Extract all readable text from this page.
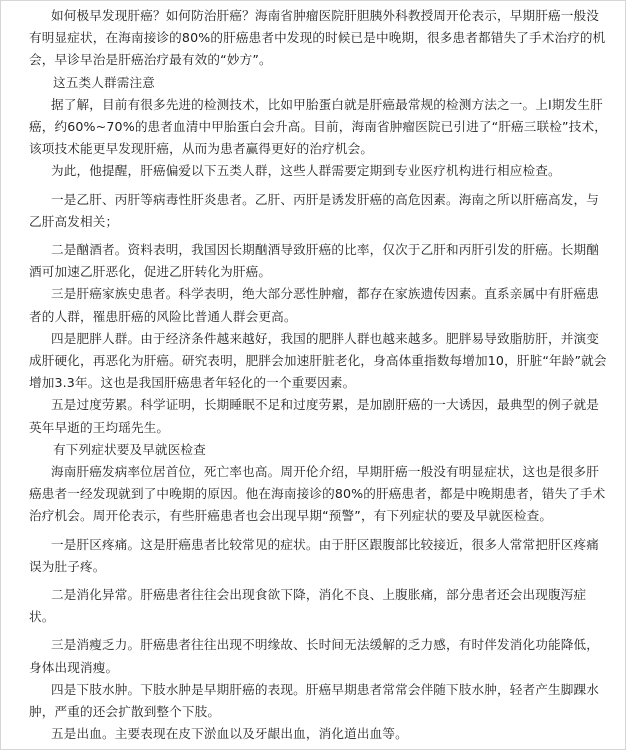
如何极早发现肝癌？如何防治肝癌？海南省肿瘤医院肝胆胰外科教授周开伦表示，早期肝癌一般没有明显症状，在海南接诊的80%的肝癌患者中发现的时候已是中晚期，很多患者都错失了手术治疗的机会，早诊早治是肝癌治疗最有效的“妙方”。

这五类人群需注意

据了解，目前有很多先进的检测技术，比如甲胎蛋白就是肝癌最常规的检测方法之一。上Ⅰ期发生肝癌，约60%~70%的患者血清中甲胎蛋白会升高。目前，海南省肿瘤医院已引进了“肝癌三联检”技术，该项技术能更早发现肝癌，从而为患者赢得更好的治疗机会。

为此，他提醒，肝癌偏爱以下五类人群，这些人群需要定期到专业医疗机构进行相应检查。

一是乙肝、丙肝等病毒性肝炎患者。乙肝、丙肝是诱发肝癌的高危因素。海南之所以肝癌高发，与乙肝高发相关；

二是酗酒者。资料表明，我国因长期酗酒导致肝癌的比率，仅次于乙肝和丙肝引发的肝癌。长期酗酒可加速乙肝恶化，促进乙肝转化为肝癌。

三是肝癌家族史患者。科学表明，绝大部分恶性肿瘤，都存在家族遗传因素。直系亲属中有肝癌患者的人群，罹患肝癌的风险比普通人群会更高。

四是肥胖人群。由于经济条件越来越好，我国的肥胖人群也越来越多。肥胖易导致脂肪肝，并演变成肝硬化，再恶化为肝癌。研究表明，肥胖会加速肝脏老化，身高体重指数每增加10，肝脏“年龄”就会增加3.3年。这也是我国肝癌患者年轻化的一个重要因素。

五是过度劳累。科学证明，长期睡眠不足和过度劳累，是加剧肝癌的一大诱因，最典型的例子就是英年早逝的王均瑶先生。

有下列症状要及早就医检查

海南肝癌发病率位居首位，死亡率也高。周开伦介绍，早期肝癌一般没有明显症状，这也是很多肝癌患者一经发现就到了中晚期的原因。他在海南接诊的80%的肝癌患者，都是中晚期患者，错失了手术治疗机会。周开伦表示，有些肝癌患者也会出现早期“预警”，有下列症状的要及早就医检查。

一是肝区疼痛。这是肝癌患者比较常见的症状。由于肝区跟腹部比较接近，很多人常常把肝区疼痛误为肚子疼。

二是消化异常。肝癌患者往往会出现食欲下降，消化不良、上腹胀痛，部分患者还会出现腹泻症状。

三是消瘦乏力。肝癌患者往往出现不明缘故、长时间无法缓解的乏力感，有时伴发消化功能降低，身体出现消瘦。

四是下肢水肿。下肢水肿是早期肝癌的表现。肝癌早期患者常常会伴随下肢水肿，轻者产生脚踝水肿，严重的还会扩散到整个下肢。

五是出血。主要表现在皮下淤血以及牙龈出血，消化道出血等。
